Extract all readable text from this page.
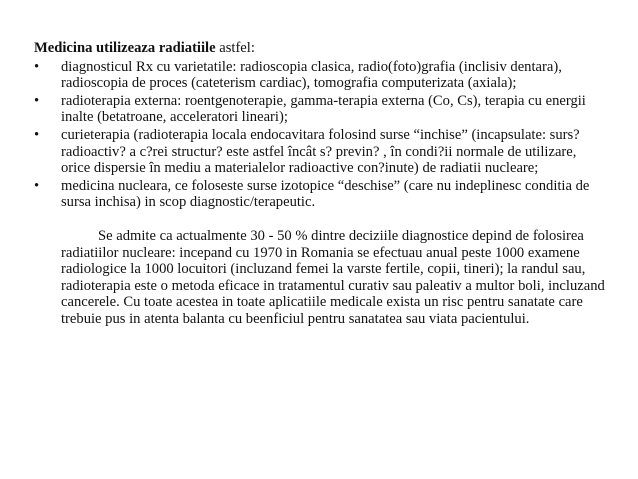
Medicina utilizeaza radiatiile astfel:

•	diagnosticul Rx cu varietatile: radioscopia clasica, radio(foto)grafia (inclisiv dentara), radioscopia de proces (cateterism cardiac), tomografia computerizata (axiala);
•	radioterapia externa: roentgenoterapie, gamma-terapia externa (Co, Cs), terapia cu energii inalte (betatroane, acceleratori lineari);
•	curieterapia (radioterapia locala endocavitara folosind surse “inchise” (incapsulate: surs? radioactiv? a c?rei structur? este astfel încât s? previn? , în condi?ii normale de utilizare, orice dispersie în mediu a materialelor radioactive con?inute) de radiatii nucleare;
•	medicina nucleara, ce foloseste surse izotopice “deschise” (care nu indeplinesc conditia de sursa inchisa) in scop diagnostic/terapeutic.

Se admite ca actualmente 30 - 50 % dintre deciziile diagnostice depind de folosirea radiatiilor nucleare: incepand cu 1970 in Romania se efectuau anual peste 1000 examene radiologice la 1000 locuitori (incluzand femei la varste fertile, copii, tineri); la randul sau, radioterapia este o metoda eficace in tratamentul curativ sau paleativ a multor boli, incluzand cancerele. Cu toate acestea in toate aplicatiile medicale exista un risc pentru sanatate care trebuie pus in atenta balanta cu beenficiul pentru sanatatea sau viata pacientului.
